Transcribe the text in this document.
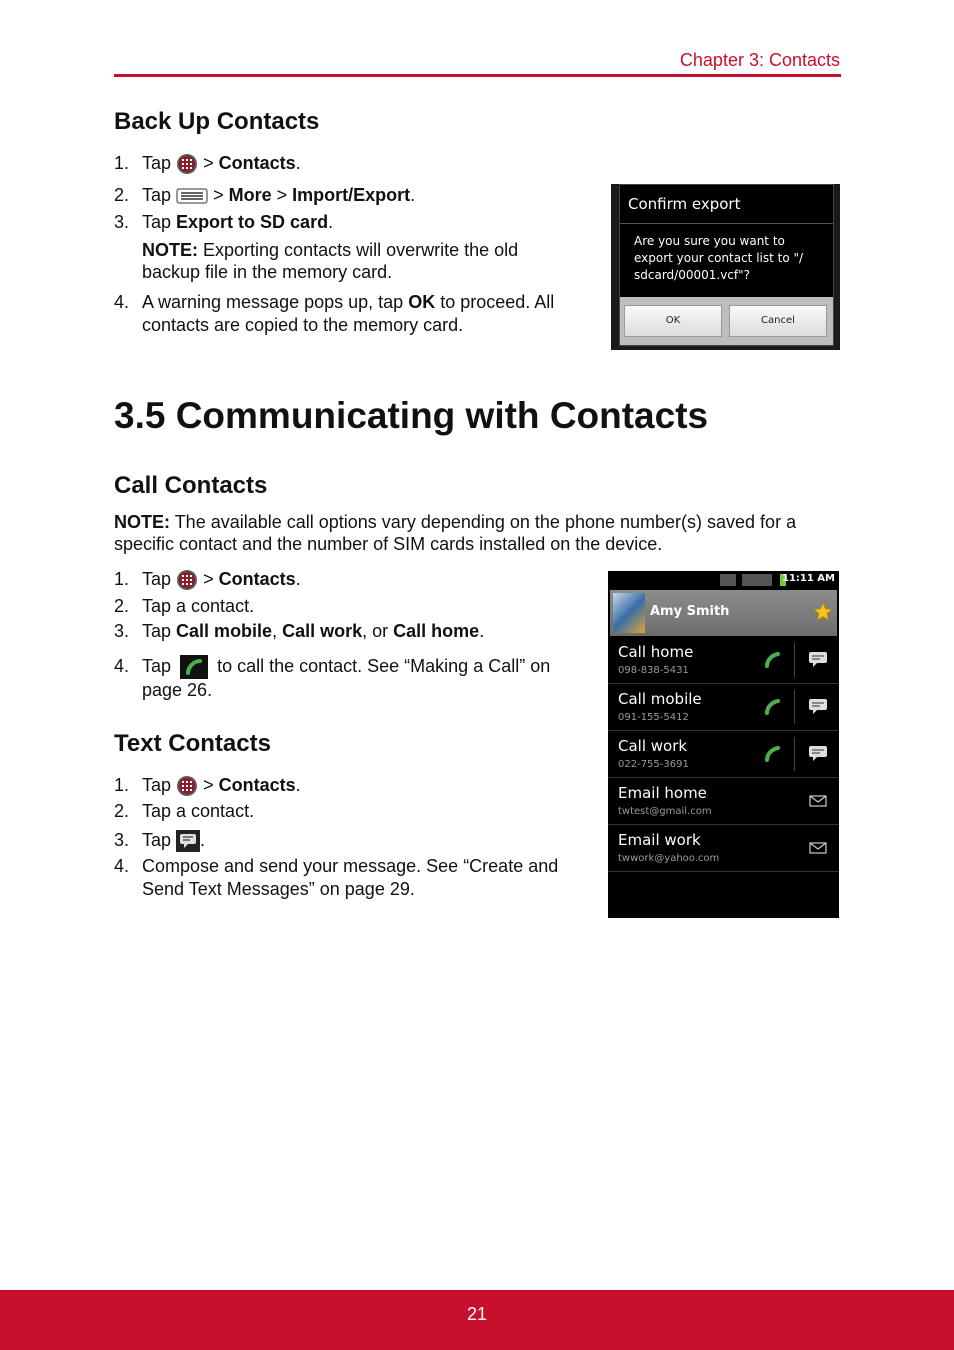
Chapter 3: Contacts
Back Up Contacts
1. Tap > Contacts.
2. Tap > More > Import/Export.
3. Tap Export to SD card.
NOTE: Exporting contacts will overwrite the old
backup file in the memory card.
4. A warning message pops up, tap OK to proceed. All
contacts are copied to the memory card.
Confirm export
Are you sure you want to
export your contact list to "/
sdcard/00001.vcf"?
OK	Cancel
3.5 Communicating with Contacts
Call Contacts
NOTE: The available call options vary depending on the phone number(s) saved for a
specific contact and the number of SIM cards installed on the device.
1. Tap > Contacts.
2. Tap a contact.
3. Tap Call mobile, Call work, or Call home.
4. Tap	to call the contact. See “Making a Call” on
page 26.
Text Contacts
1. Tap > Contacts.
2. Tap a contact.
3. Tap .
4. Compose and send your message. See “Create and
Send Text Messages” on page 29.
11:11 AM
Amy Smith
Call home
098-838-5431
Call mobile
091-155-5412
Call work
022-755-3691
Email home
twtest@gmail.com
Email work
twwork@yahoo.com
21
